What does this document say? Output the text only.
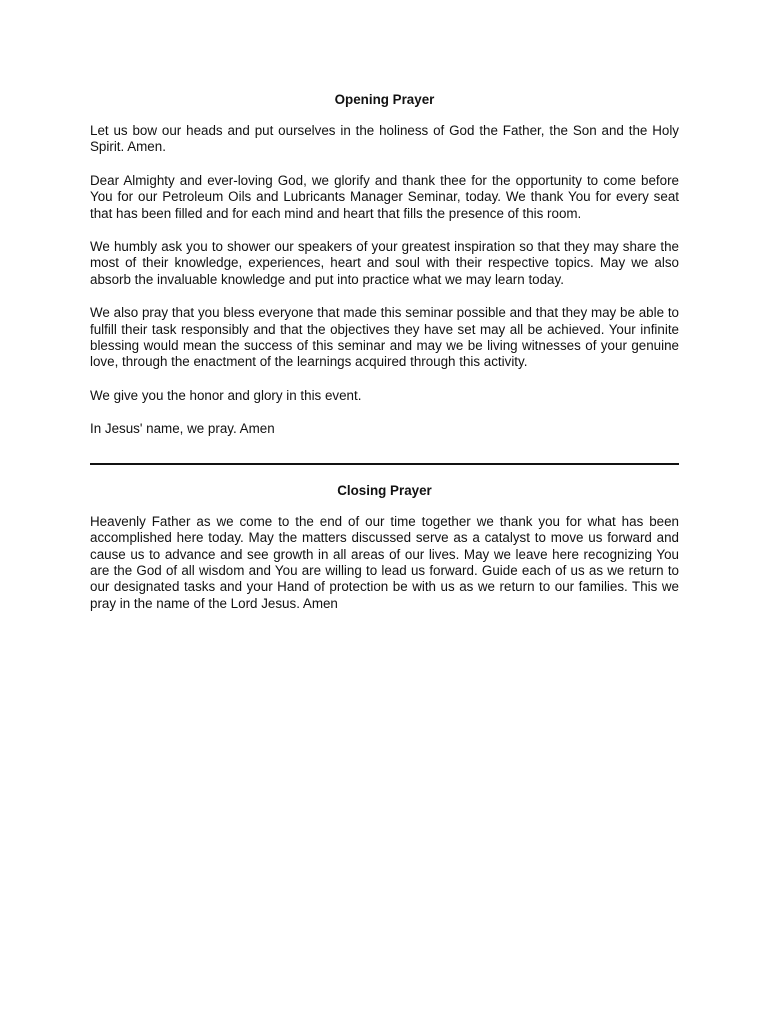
Opening Prayer

Let us bow our heads and put ourselves in the holiness of God the Father, the Son and the Holy Spirit. Amen.

Dear Almighty and ever-loving God, we glorify and thank thee for the opportunity to come before You for our Petroleum Oils and Lubricants Manager Seminar, today. We thank You for every seat that has been filled and for each mind and heart that fills the presence of this room.

We humbly ask you to shower our speakers of your greatest inspiration so that they may share the most of their knowledge, experiences, heart and soul with their respective topics. May we also absorb the invaluable knowledge and put into practice what we may learn today.

We also pray that you bless everyone that made this seminar possible and that they may be able to fulfill their task responsibly and that the objectives they have set may all be achieved. Your infinite blessing would mean the success of this seminar and may we be living witnesses of your genuine love, through the enactment of the learnings acquired through this activity.

We give you the honor and glory in this event.

In Jesus' name, we pray. Amen

Closing Prayer

Heavenly Father as we come to the end of our time together we thank you for what has been accomplished here today. May the matters discussed serve as a catalyst to move us forward and cause us to advance and see growth in all areas of our lives. May we leave here recognizing You are the God of all wisdom and You are willing to lead us forward. Guide each of us as we return to our designated tasks and your Hand of protection be with us as we return to our families. This we pray in the name of the Lord Jesus. Amen
